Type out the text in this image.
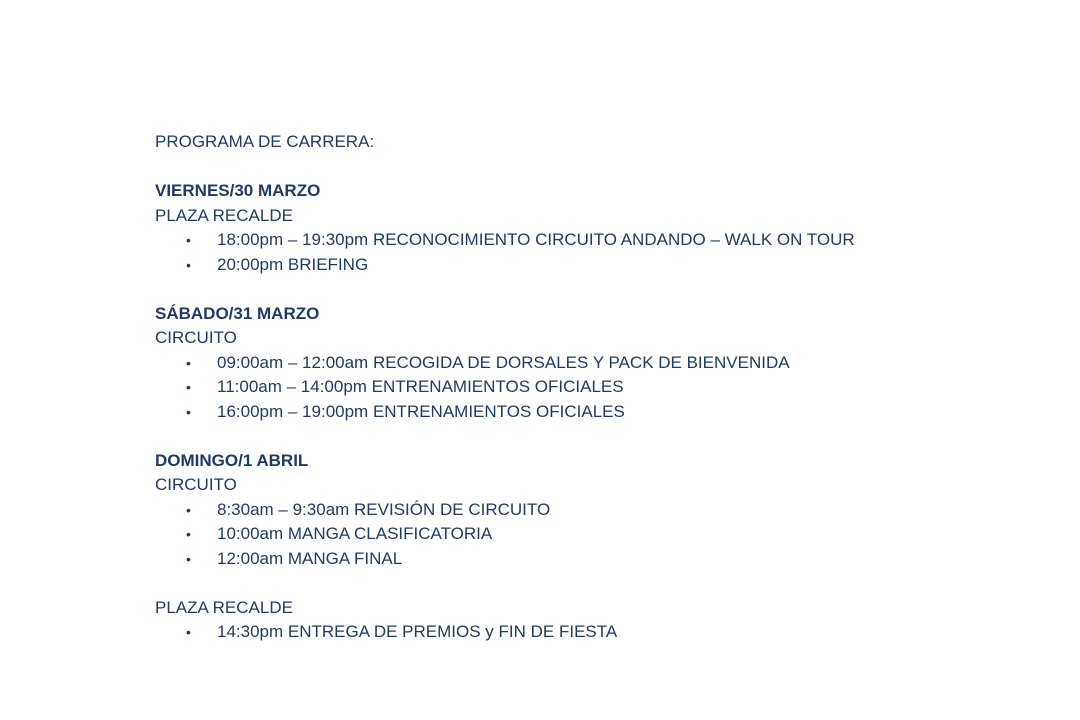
PROGRAMA DE CARRERA:
VIERNES/30 MARZO
PLAZA RECALDE
• 18:00pm – 19:30pm RECONOCIMIENTO CIRCUITO ANDANDO – WALK ON TOUR
• 20:00pm BRIEFING
SÁBADO/31 MARZO
CIRCUITO
• 09:00am – 12:00am RECOGIDA DE DORSALES Y PACK DE BIENVENIDA
• 11:00am – 14:00pm ENTRENAMIENTOS OFICIALES
• 16:00pm – 19:00pm ENTRENAMIENTOS OFICIALES
DOMINGO/1 ABRIL
CIRCUITO
• 8:30am – 9:30am REVISIÓN DE CIRCUITO
• 10:00am MANGA CLASIFICATORIA
• 12:00am MANGA FINAL
PLAZA RECALDE
• 14:30pm ENTREGA DE PREMIOS y FIN DE FIESTA
